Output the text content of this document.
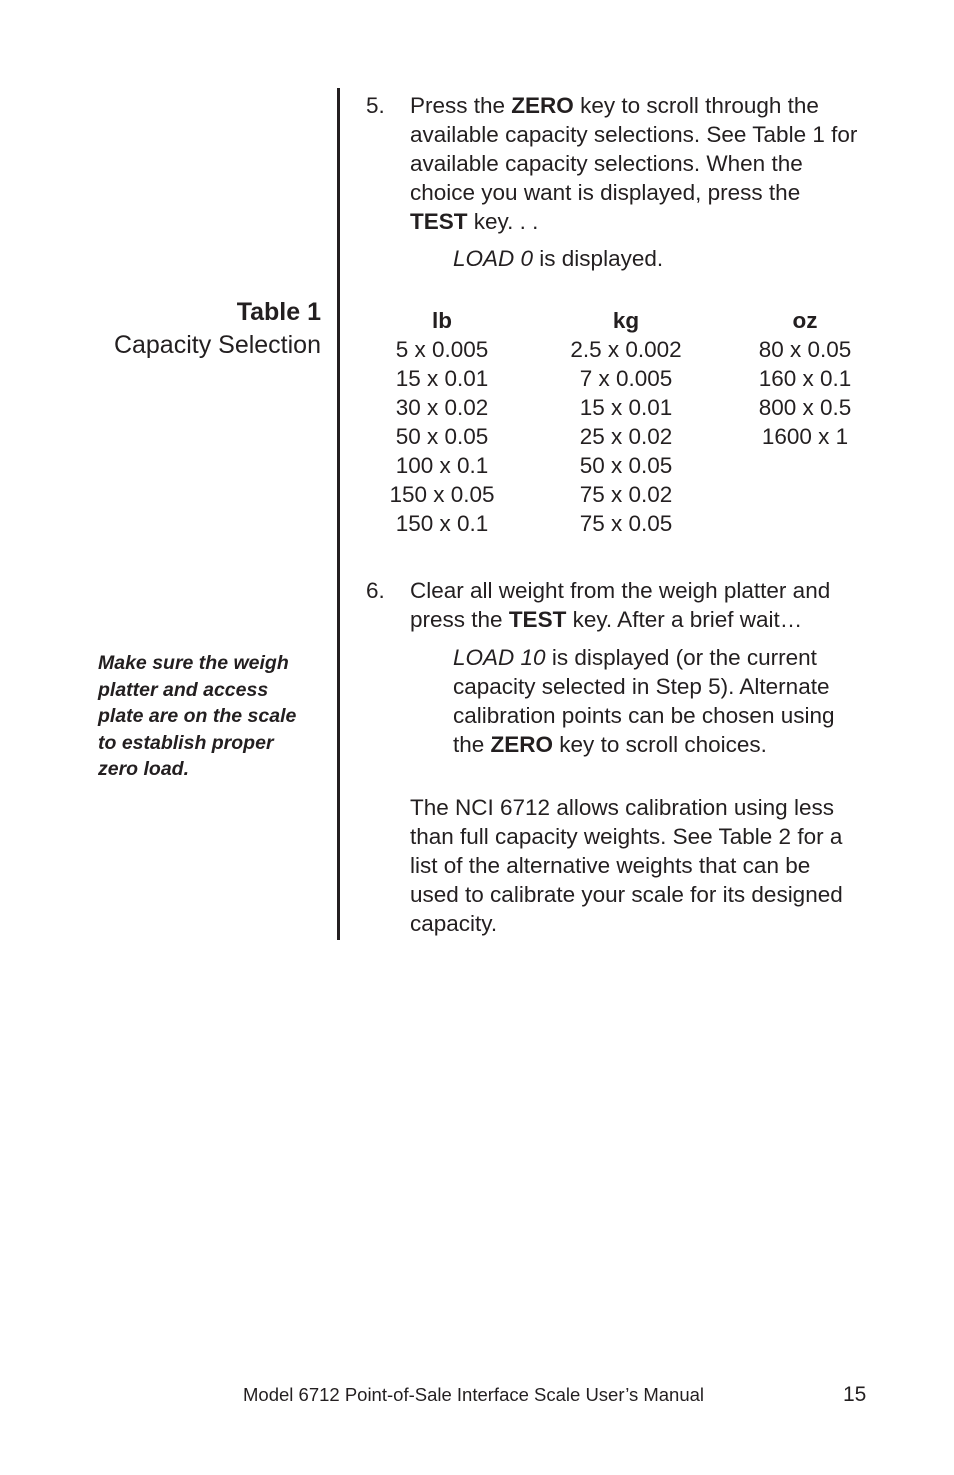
Table 1
Capacity Selection
Make sure the weigh
platter and access
plate are on the scale
to establish proper
zero load.
5. Press the ZERO key to scroll through the
available capacity selections. See Table 1 for
available capacity selections. When the
choice you want is displayed, press the
TEST key. . .
LOAD 0 is displayed.
lb
5 x 0.005
15 x 0.01
30 x 0.02
50 x 0.05
100 x 0.1
150 x 0.05
150 x 0.1
kg
2.5 x 0.002
7 x 0.005
15 x 0.01
25 x 0.02
50 x 0.05
75 x 0.02
75 x 0.05
oz
80 x 0.05
160 x 0.1
800 x 0.5
1600 x 1
6. Clear all weight from the weigh platter and
press the TEST key. After a brief wait…
LOAD 10 is displayed (or the current
capacity selected in Step 5). Alternate
calibration points can be chosen using
the ZERO key to scroll choices.
The NCI 6712 allows calibration using less
than full capacity weights. See Table 2 for a
list of the alternative weights that can be
used to calibrate your scale for its designed
capacity.
Model 6712 Point-of-Sale Interface Scale User’s Manual	15
